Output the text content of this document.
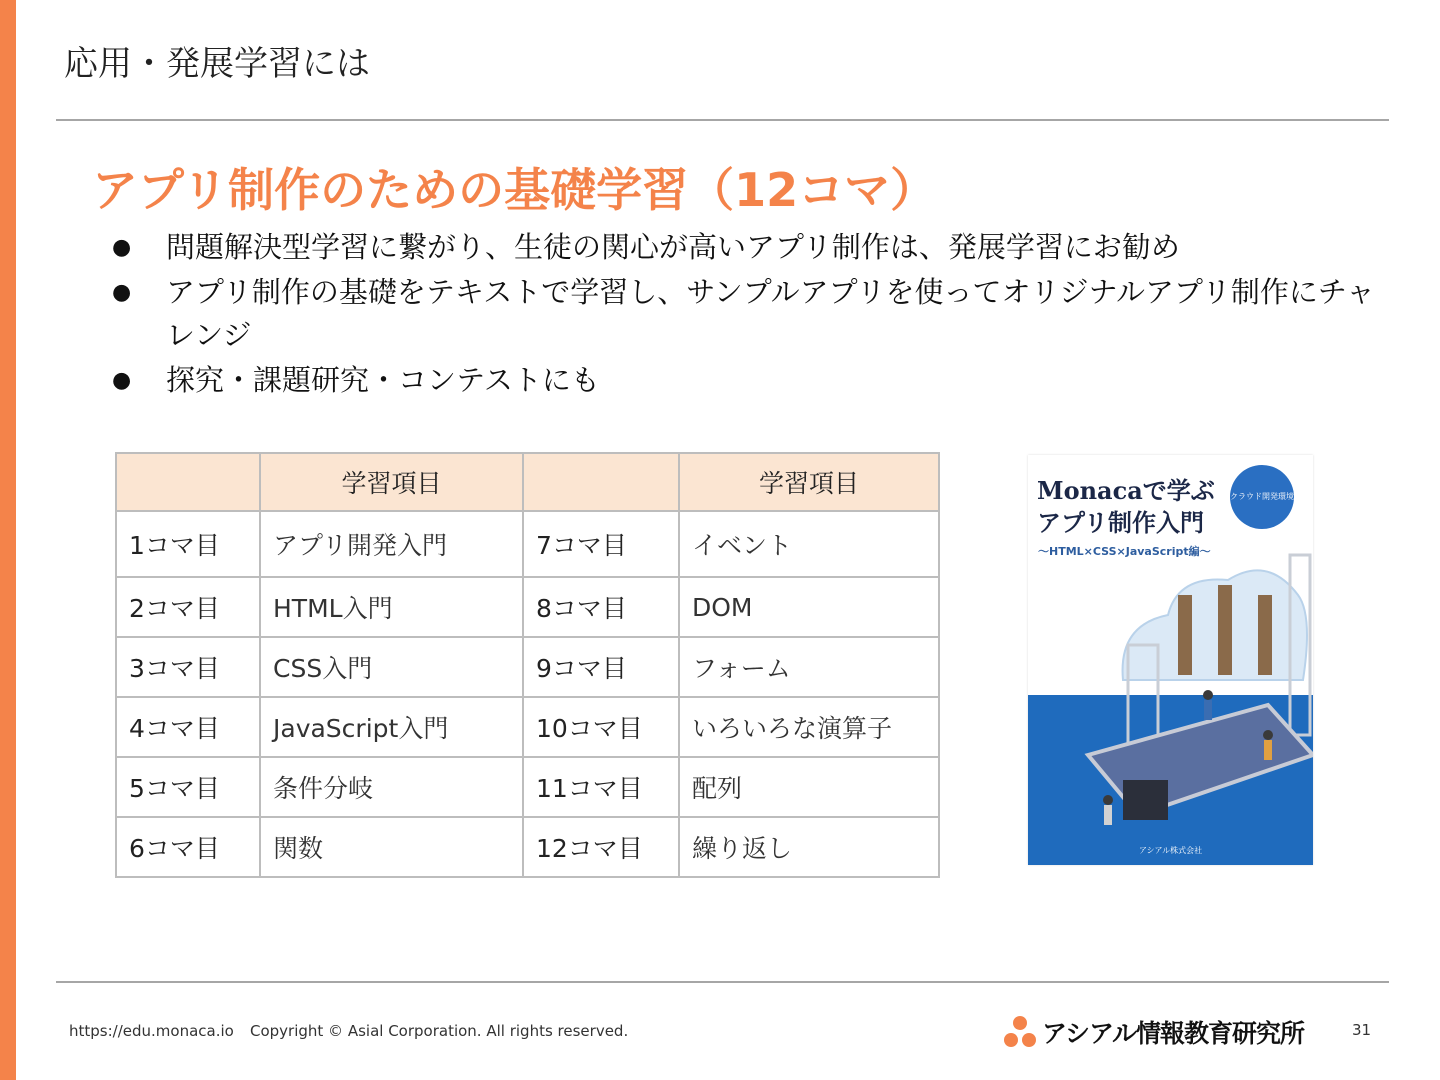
応用・発展学習には
アプリ制作のための基礎学習（12コマ）
● 問題解決型学習に繋がり、生徒の関心が高いアプリ制作は、発展学習にお勧め
● アプリ制作の基礎をテキストで学習し、サンプルアプリを使ってオリジナルアプリ制作にチャレンジ
● 探究・課題研究・コンテストにも
	学習項目		学習項目
1コマ目	アプリ開発入門	7コマ目	イベント
2コマ目	HTML入門	8コマ目	DOM
3コマ目	CSS入門	9コマ目	フォーム
4コマ目	JavaScript入門	10コマ目	いろいろな演算子
5コマ目	条件分岐	11コマ目	配列
6コマ目	関数	12コマ目	繰り返し
Monacaで学ぶ
アプリ制作入門
〜HTML×CSS×JavaScript編〜
クラウド開発環境
アシアル株式会社
https://edu.monaca.io Copyright © Asial Corporation. All rights reserved.	アシアル情報教育研究所	31
